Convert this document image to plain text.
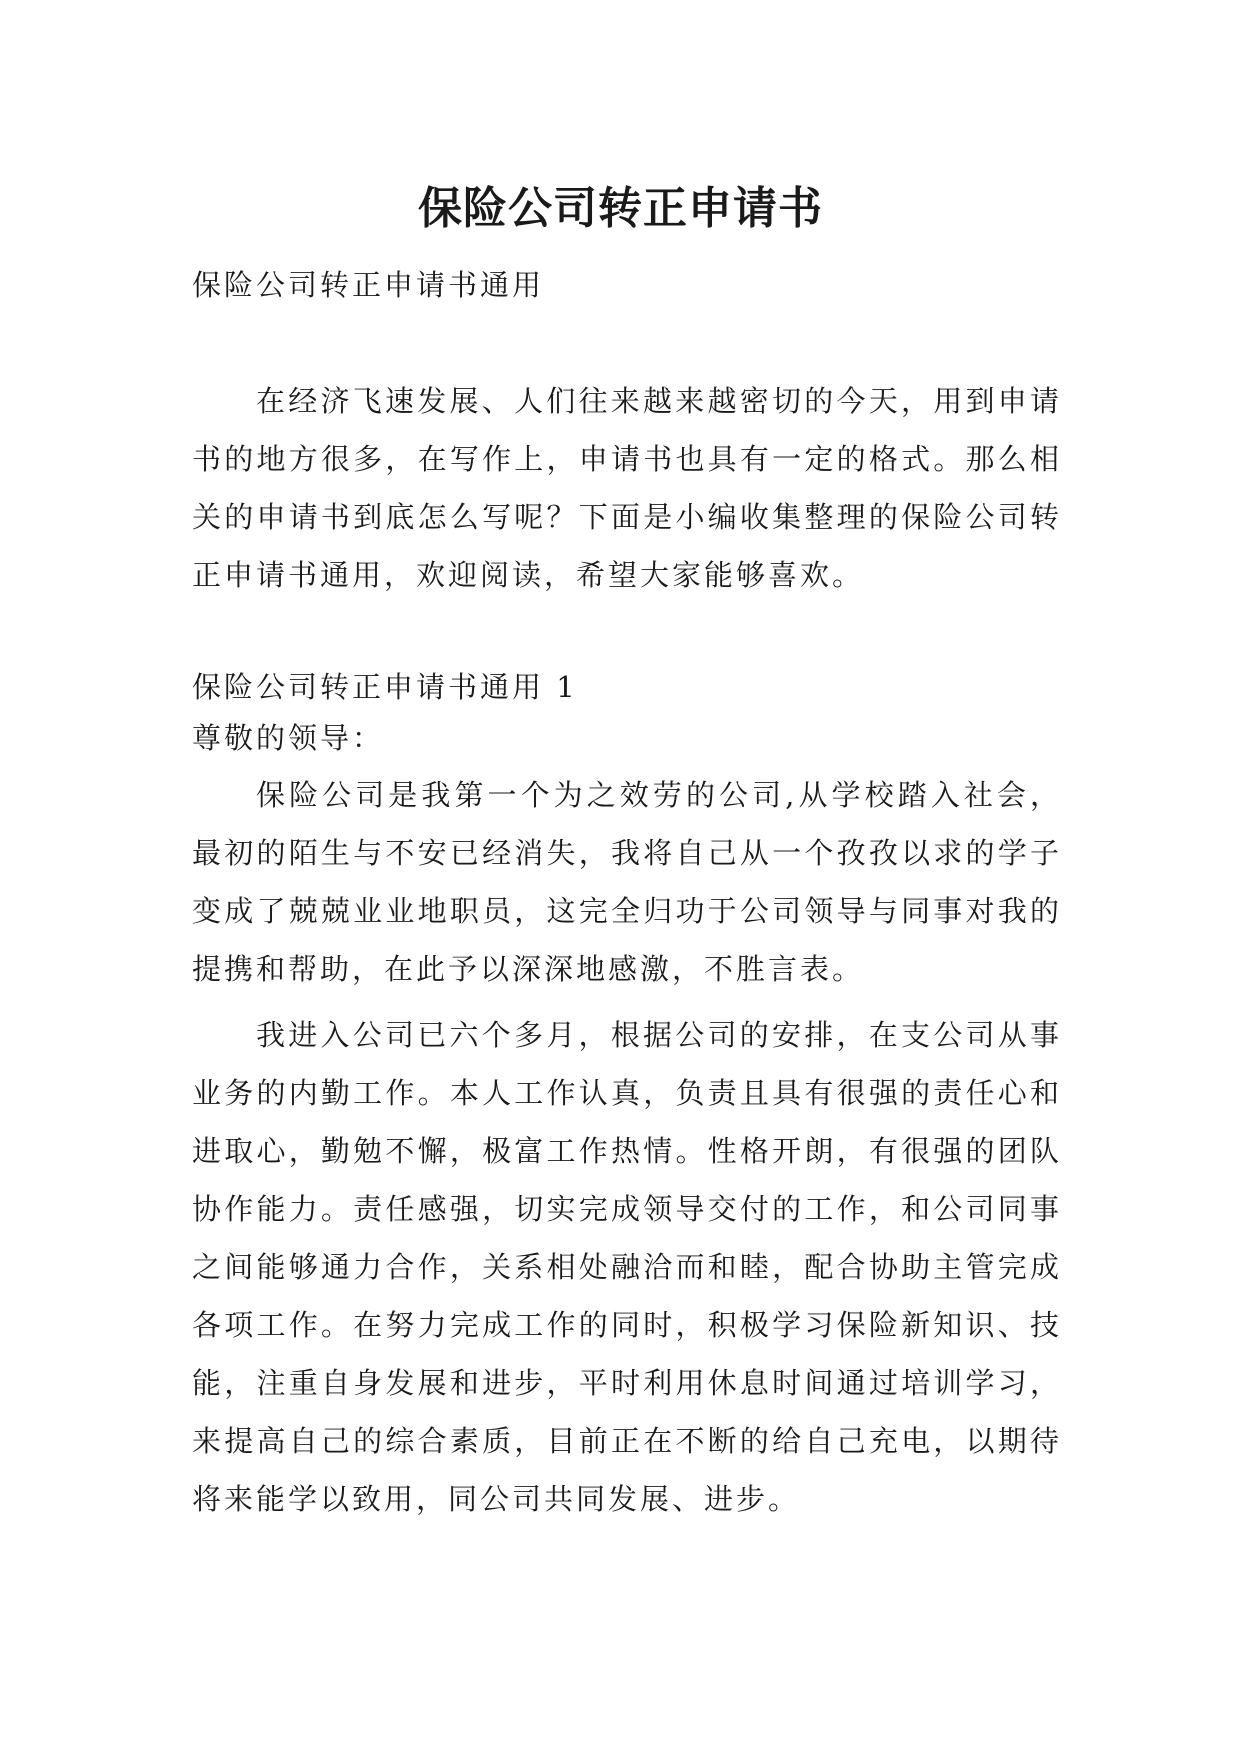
保险公司转正申请书

保险公司转正申请书通用

在经济飞速发展、人们往来越来越密切的今天，用到申请书的地方很多，在写作上，申请书也具有一定的格式。那么相关的申请书到底怎么写呢？下面是小编收集整理的保险公司转正申请书通用，欢迎阅读，希望大家能够喜欢。

保险公司转正申请书通用 1

尊敬的领导：

保险公司是我第一个为之效劳的公司,从学校踏入社会，最初的陌生与不安已经消失，我将自己从一个孜孜以求的学子变成了兢兢业业地职员，这完全归功于公司领导与同事对我的提携和帮助，在此予以深深地感激，不胜言表。

我进入公司已六个多月，根据公司的安排，在支公司从事业务的内勤工作。本人工作认真，负责且具有很强的责任心和进取心，勤勉不懈，极富工作热情。性格开朗，有很强的团队协作能力。责任感强，切实完成领导交付的工作，和公司同事之间能够通力合作，关系相处融洽而和睦，配合协助主管完成各项工作。在努力完成工作的同时，积极学习保险新知识、技能，注重自身发展和进步，平时利用休息时间通过培训学习，来提高自己的综合素质，目前正在不断的给自己充电，以期待将来能学以致用，同公司共同发展、进步。
